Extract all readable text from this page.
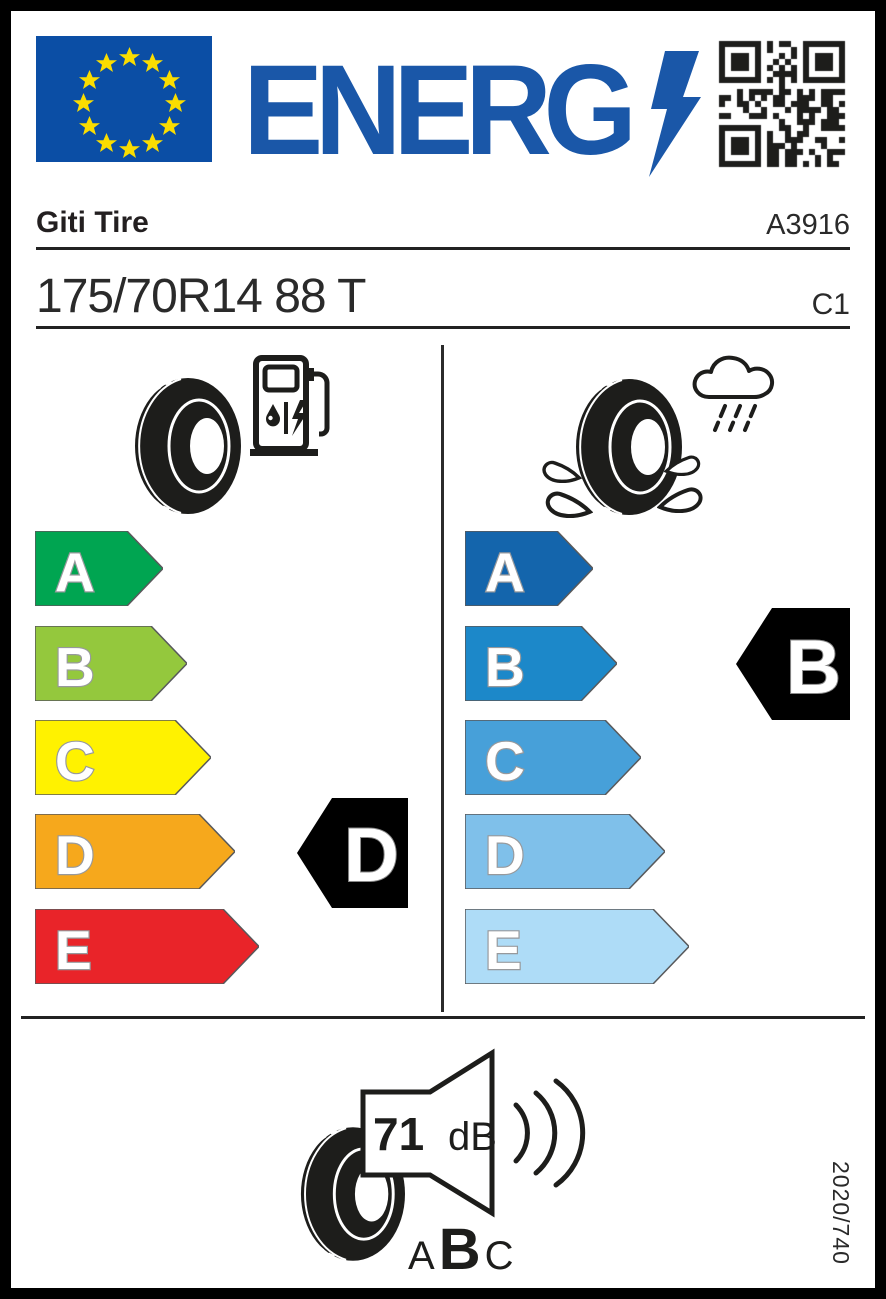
ENERG
Giti Tire	A3916
175/70R14 88 T	C1
A
B
C
D
E
D
A
B
C
D
E
B
71 dB
A B C	2020/740
